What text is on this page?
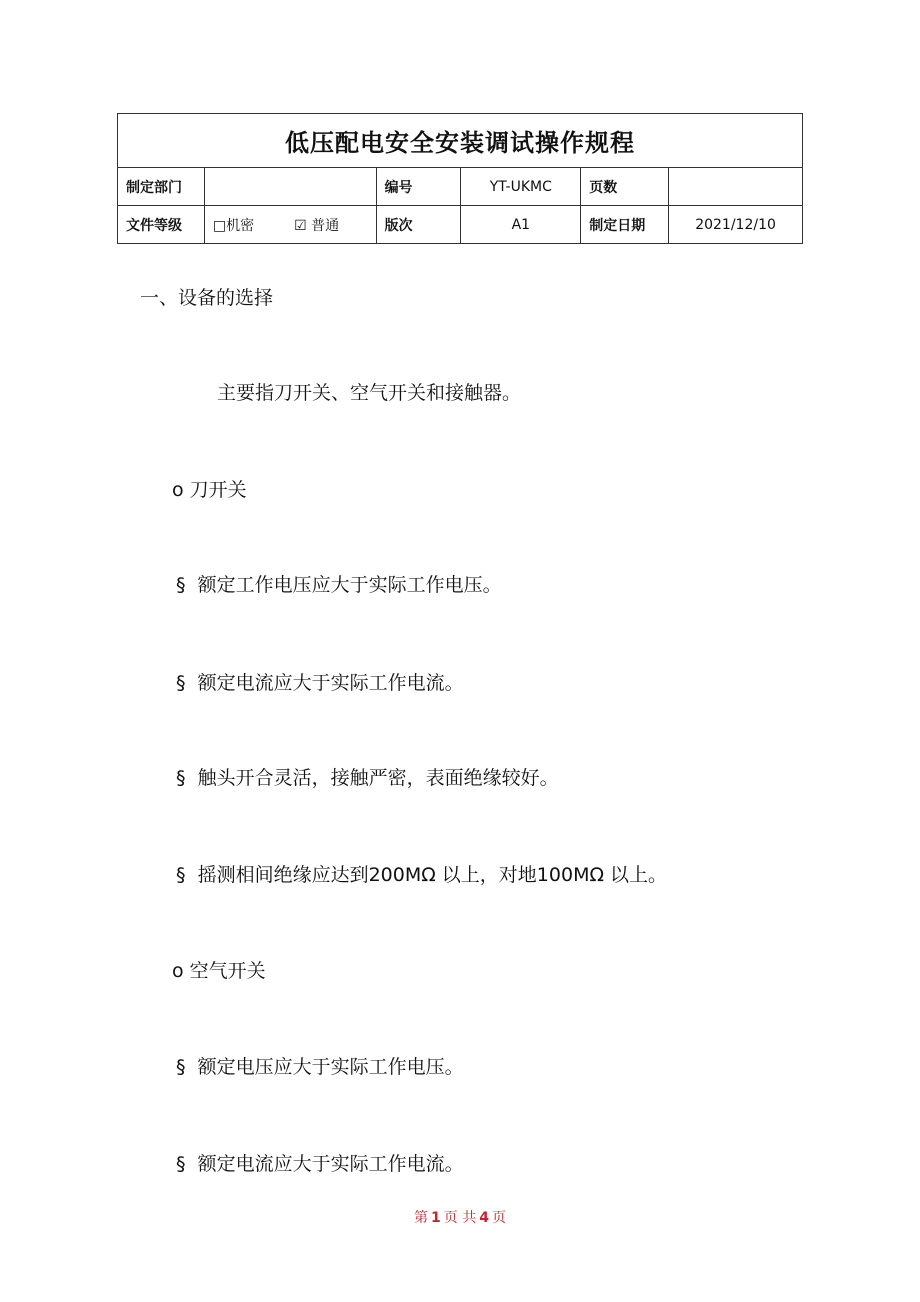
低压配电安全安装调试操作规程					
制定部门		编号	YT-UKMC	页数	
文件等级	□机密 ☑ 普通	版次	A1	制定日期	2021/12/10
一、设备的选择
主要指刀开关、空气开关和接触器。
o 刀开关
§ 额定工作电压应大于实际工作电压。
§ 额定电流应大于实际工作电流。
§ 触头开合灵活，接触严密，表面绝缘较好。
§ 摇测相间绝缘应达到200MΩ 以上，对地100MΩ 以上。
o 空气开关
§ 额定电压应大于实际工作电压。
§ 额定电流应大于实际工作电流。
第 1 页 共 4 页
